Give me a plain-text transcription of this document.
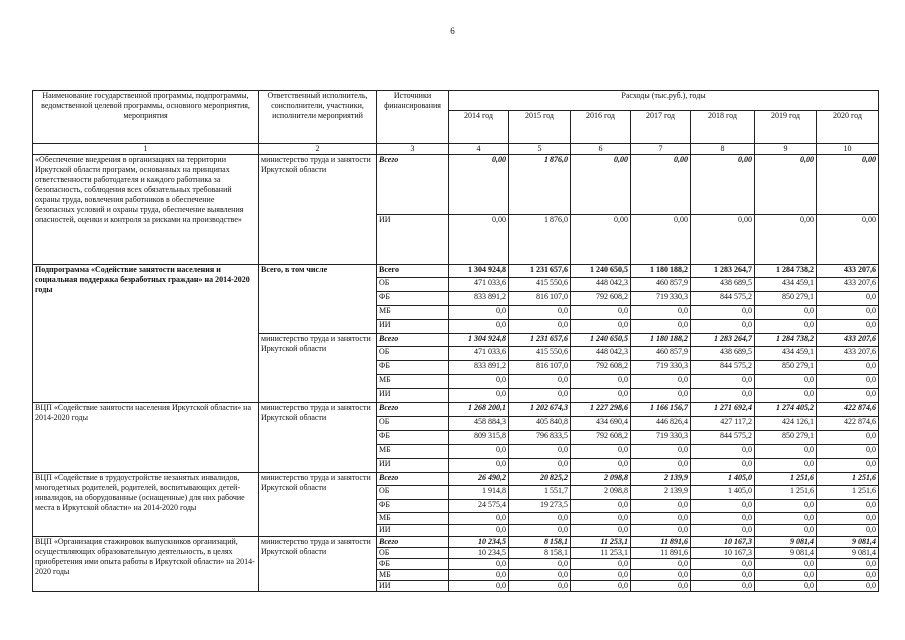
6
Наименование государственной программы, подпрограммы, ведомственной целевой программы, основного мероприятия, мероприятия	Ответственный исполнитель, соисполнители, участники, исполнители мероприятий	Источники финансирования	Расходы (тыс.руб.), годы						
			2014 год	2015 год	2016 год	2017 год	2018 год	2019 год	2020 год
1	2	3	4	5	6	7	8	9	10
«Обеспечение внедрения в организациях на территории Иркутской области программ, основанных на принципах ответственности работодателя и каждого работника за безопасность, соблюдения всех обязательных требований охраны труда, вовлечения работников в обеспечение безопасных условий и охраны труда, обеспечение выявления опасностей, оценки и контроля за рисками на производстве»	министерство труда и занятости Иркутской области	Всего	0,00	1 876,0	0,00	0,00	0,00	0,00	0,00
		ИИ	0,00	1 876,0	0,00	0,00	0,00	0,00	0,00
Подпрограмма «Содействие занятости населения и социальная поддержка безработных граждан» на 2014-2020 годы	Всего, в том числе	Всего	1 304 924,8	1 231 657,6	1 240 650,5	1 180 188,2	1 283 264,7	1 284 738,2	433 207,6
		ОБ	471 033,6	415 550,6	448 042,3	460 857,9	438 689,5	434 459,1	433 207,6
		ФБ	833 891,2	816 107,0	792 608,2	719 330,3	844 575,2	850 279,1	0,0
		МБ	0,0	0,0	0,0	0,0	0,0	0,0	0,0
		ИИ	0,0	0,0	0,0	0,0	0,0	0,0	0,0
	министерство труда и занятости Иркутской области	Всего	1 304 924,8	1 231 657,6	1 240 650,5	1 180 188,2	1 283 264,7	1 284 738,2	433 207,6
		ОБ	471 033,6	415 550,6	448 042,3	460 857,9	438 689,5	434 459,1	433 207,6
		ФБ	833 891,2	816 107,0	792 608,2	719 330,3	844 575,2	850 279,1	0,0
		МБ	0,0	0,0	0,0	0,0	0,0	0,0	0,0
		ИИ	0,0	0,0	0,0	0,0	0,0	0,0	0,0
ВЦП «Содействие занятости населения Иркутской области» на 2014-2020 годы	министерство труда и занятости Иркутской области	Всего	1 268 200,1	1 202 674,3	1 227 298,6	1 166 156,7	1 271 692,4	1 274 405,2	422 874,6
		ОБ	458 884,3	405 840,8	434 690,4	446 826,4	427 117,2	424 126,1	422 874,6
		ФБ	809 315,8	796 833,5	792 608,2	719 330,3	844 575,2	850 279,1	0,0
		МБ	0,0	0,0	0,0	0,0	0,0	0,0	0,0
		ИИ	0,0	0,0	0,0	0,0	0,0	0,0	0,0
ВЦП «Содействие в трудоустройстве незанятых инвалидов, многодетных родителей, родителей, воспитывающих детей-инвалидов, на оборудованные (оснащенные) для них рабочие места в Иркутской области» на 2014-2020 годы	министерство труда и занятости Иркутской области	Всего	26 490,2	20 825,2	2 098,8	2 139,9	1 405,0	1 251,6	1 251,6
		ОБ	1 914,8	1 551,7	2 098,8	2 139,9	1 405,0	1 251,6	1 251,6
		ФБ	24 575,4	19 273,5	0,0	0,0	0,0	0,0	0,0
		МБ	0,0	0,0	0,0	0,0	0,0	0,0	0,0
		ИИ	0,0	0,0	0,0	0,0	0,0	0,0	0,0
ВЦП «Организация стажировок выпускников организаций, осуществляющих образовательную деятельность, в целях приобретения ими опыта работы в Иркутской области» на 2014-2020 годы	министерство труда и занятости Иркутской области	Всего	10 234,5	8 158,1	11 253,1	11 891,6	10 167,3	9 081,4	9 081,4
		ОБ	10 234,5	8 158,1	11 253,1	11 891,6	10 167,3	9 081,4	9 081,4
		ФБ	0,0	0,0	0,0	0,0	0,0	0,0	0,0
		МБ	0,0	0,0	0,0	0,0	0,0	0,0	0,0
		ИИ	0,0	0,0	0,0	0,0	0,0	0,0	0,0
